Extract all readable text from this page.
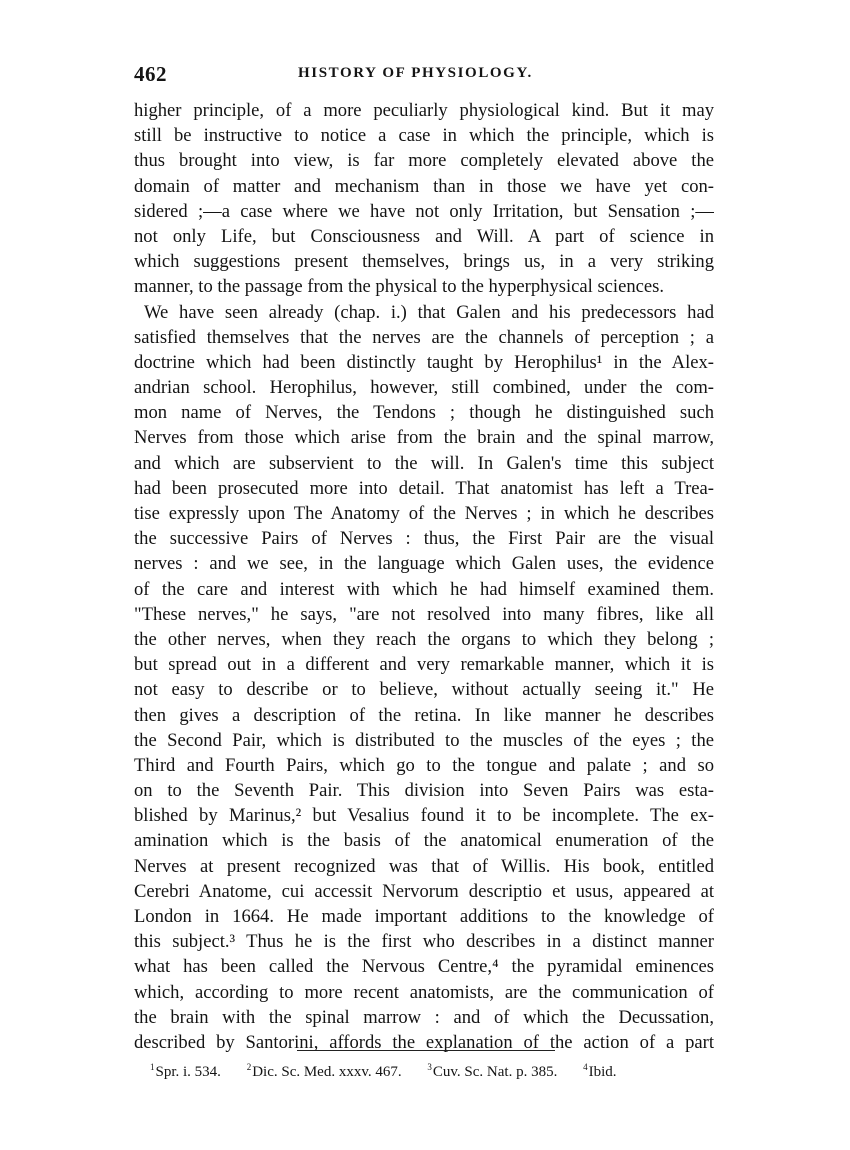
462	HISTORY OF PHYSIOLOGY.
higher principle, of a more peculiarly physiological kind. But it may
still be instructive to notice a case in which the principle, which is
thus brought into view, is far more completely elevated above the
domain of matter and mechanism than in those we have yet con-
sidered ;—a case where we have not only Irritation, but Sensation ;—
not only Life, but Consciousness and Will. A part of science in
which suggestions present themselves, brings us, in a very striking
manner, to the passage from the physical to the hyperphysical sciences.
We have seen already (chap. i.) that Galen and his predecessors had
satisfied themselves that the nerves are the channels of perception ; a
doctrine which had been distinctly taught by Herophilus¹ in the Alex-
andrian school. Herophilus, however, still combined, under the com-
mon name of Nerves, the Tendons ; though he distinguished such
Nerves from those which arise from the brain and the spinal marrow,
and which are subservient to the will. In Galen's time this subject
had been prosecuted more into detail. That anatomist has left a Trea-
tise expressly upon The Anatomy of the Nerves ; in which he describes
the successive Pairs of Nerves : thus, the First Pair are the visual
nerves : and we see, in the language which Galen uses, the evidence
of the care and interest with which he had himself examined them.
"These nerves," he says, "are not resolved into many fibres, like all
the other nerves, when they reach the organs to which they belong ;
but spread out in a different and very remarkable manner, which it is
not easy to describe or to believe, without actually seeing it." He
then gives a description of the retina. In like manner he describes
the Second Pair, which is distributed to the muscles of the eyes ; the
Third and Fourth Pairs, which go to the tongue and palate ; and so
on to the Seventh Pair. This division into Seven Pairs was esta-
blished by Marinus,² but Vesalius found it to be incomplete. The ex-
amination which is the basis of the anatomical enumeration of the
Nerves at present recognized was that of Willis. His book, entitled
Cerebri Anatome, cui accessit Nervorum descriptio et usus, appeared at
London in 1664. He made important additions to the knowledge of
this subject.³ Thus he is the first who describes in a distinct manner
what has been called the Nervous Centre,⁴ the pyramidal eminences
which, according to more recent anatomists, are the communication of
the brain with the spinal marrow : and of which the Decussation,
described by Santorini, affords the explanation of the action of a part
$^1$Spr. i. 534.	$^2$Dic. Sc. Med. xxxv. 467.	$^3$Cuv. Sc. Nat. p. 385.	$^4$Ibid.
